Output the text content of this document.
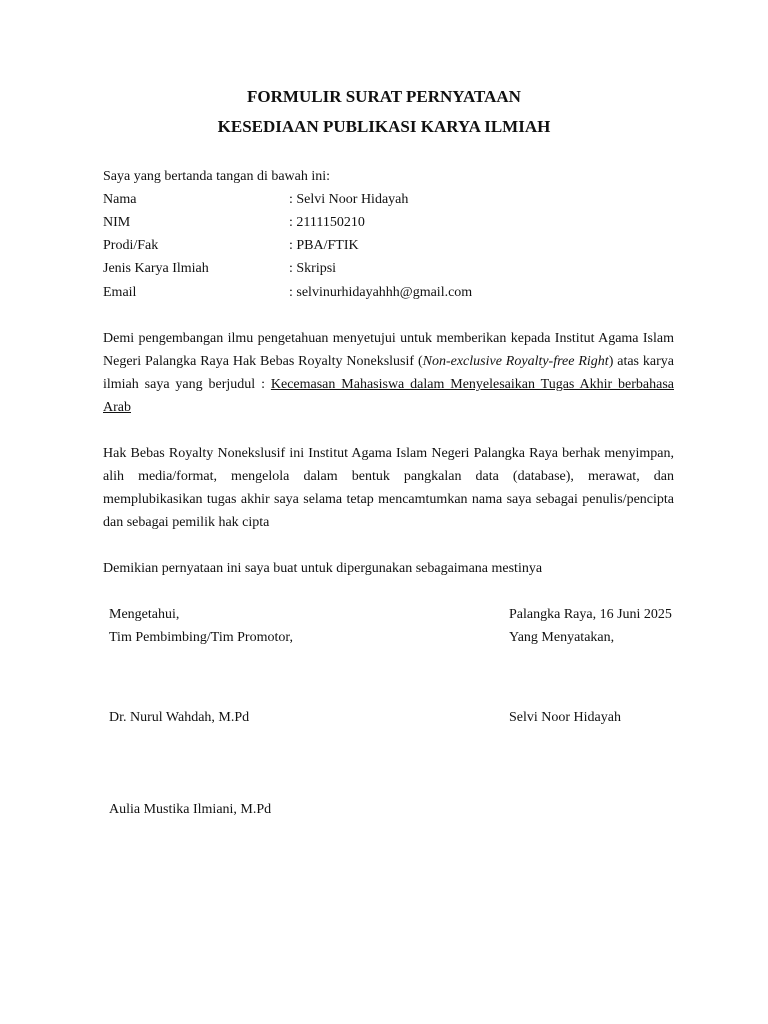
FORMULIR SURAT PERNYATAAN
KESEDIAAN PUBLIKASI KARYA ILMIAH
Saya yang bertanda tangan di bawah ini:
Nama	: Selvi Noor Hidayah
NIM	: 2111150210
Prodi/Fak	: PBA/FTIK
Jenis Karya Ilmiah	: Skripsi
Email	: selvinurhidayahhh@gmail.com
Demi pengembangan ilmu pengetahuan menyetujui untuk memberikan kepada Institut Agama Islam Negeri Palangka Raya Hak Bebas Royalty Nonekslusif (Non-exclusive Royalty-free Right) atas karya ilmiah saya yang berjudul : Kecemasan Mahasiswa dalam Menyelesaikan Tugas Akhir berbahasa Arab
Hak Bebas Royalty Nonekslusif ini Institut Agama Islam Negeri Palangka Raya berhak menyimpan, alih media/format, mengelola dalam bentuk pangkalan data (database), merawat, dan memplubikasikan tugas akhir saya selama tetap mencamtumkan nama saya sebagai penulis/pencipta dan sebagai pemilik hak cipta
Demikian pernyataan ini saya buat untuk dipergunakan sebagaimana mestinya
Mengetahui,
Tim Pembimbing/Tim Promotor,
Dr. Nurul Wahdah, M.Pd
Aulia Mustika Ilmiani, M.Pd
Palangka Raya, 16 Juni 2025
Yang Menyatakan,
Selvi Noor Hidayah
